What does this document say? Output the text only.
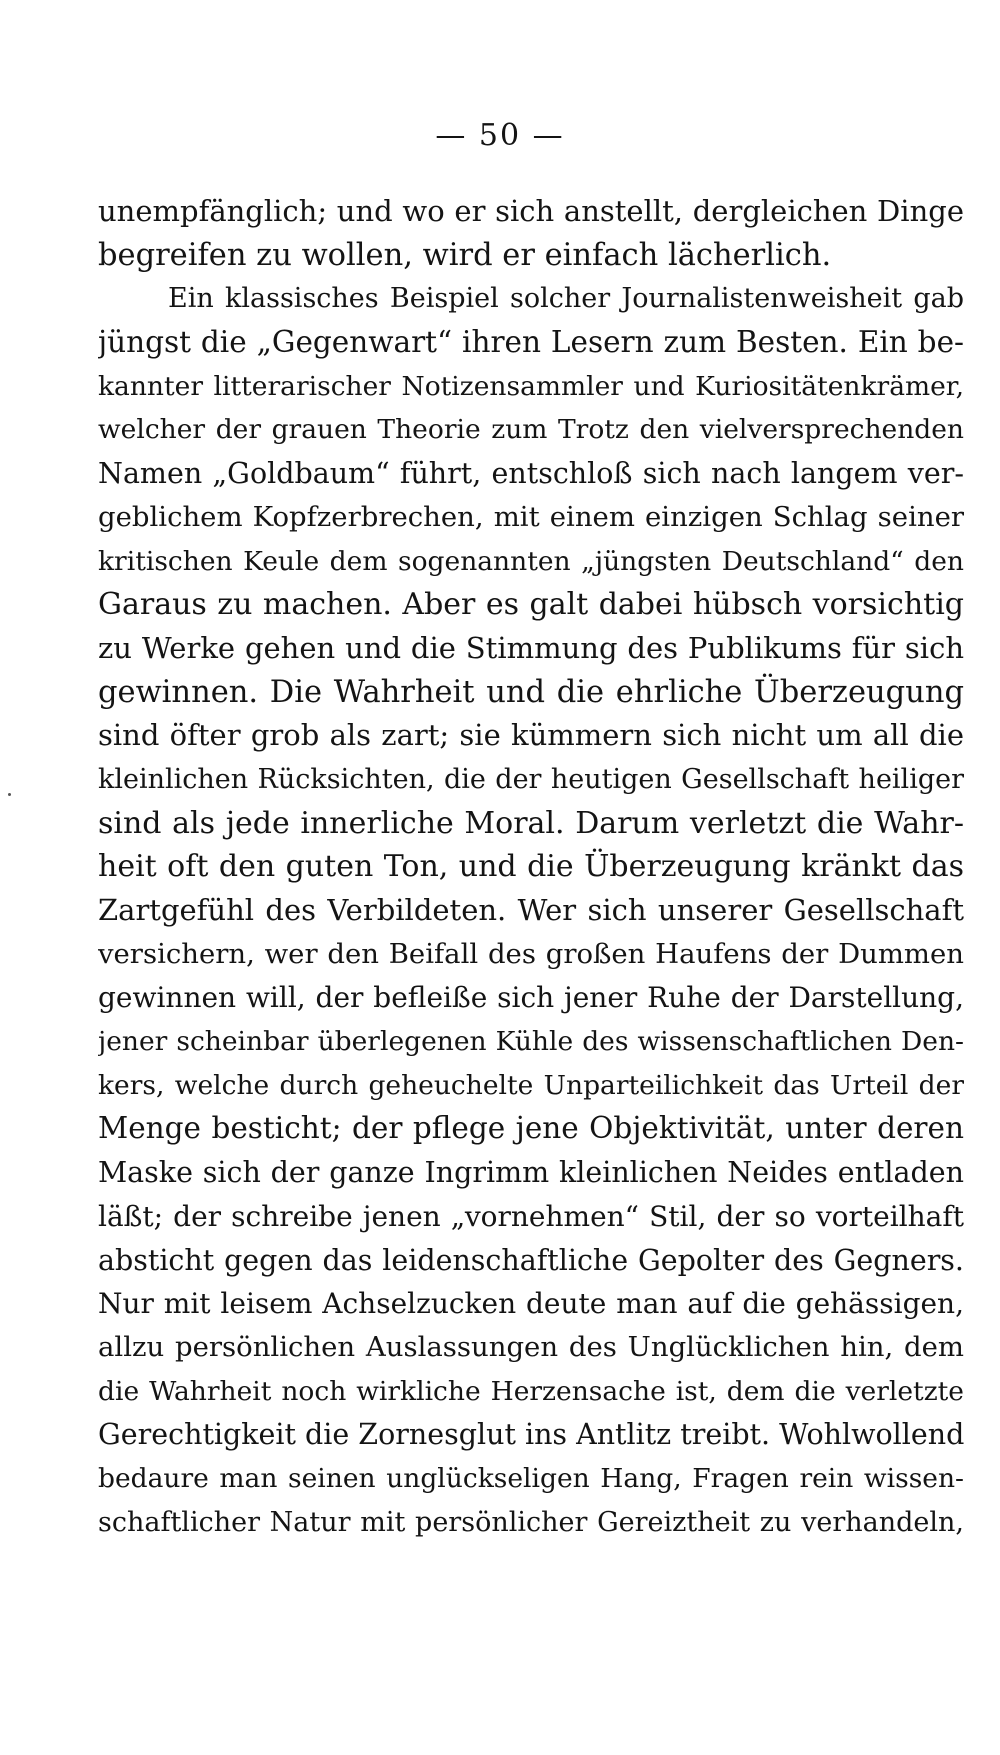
— 50 —
unempfänglich; und wo er sich anstellt, dergleichen Dinge
begreifen zu wollen, wird er einfach lächerlich.
Ein klassisches Beispiel solcher Journalistenweisheit gab
jüngst die „Gegenwart“ ihren Lesern zum Besten. Ein be-
kannter litterarischer Notizensammler und Kuriositätenkrämer,
welcher der grauen Theorie zum Trotz den vielversprechenden
Namen „Goldbaum“ führt, entschloß sich nach langem ver-
geblichem Kopfzerbrechen, mit einem einzigen Schlag seiner
kritischen Keule dem sogenannten „jüngsten Deutschland“ den
Garaus zu machen. Aber es galt dabei hübsch vorsichtig
zu Werke gehen und die Stimmung des Publikums für sich
gewinnen. Die Wahrheit und die ehrliche Überzeugung
sind öfter grob als zart; sie kümmern sich nicht um all die
kleinlichen Rücksichten, die der heutigen Gesellschaft heiliger
sind als jede innerliche Moral. Darum verletzt die Wahr-
heit oft den guten Ton, und die Überzeugung kränkt das
Zartgefühl des Verbildeten. Wer sich unserer Gesellschaft
versichern, wer den Beifall des großen Haufens der Dummen
gewinnen will, der befleiße sich jener Ruhe der Darstellung,
jener scheinbar überlegenen Kühle des wissenschaftlichen Den-
kers, welche durch geheuchelte Unparteilichkeit das Urteil der
Menge besticht; der pflege jene Objektivität, unter deren
Maske sich der ganze Ingrimm kleinlichen Neides entladen
läßt; der schreibe jenen „vornehmen“ Stil, der so vorteilhaft
absticht gegen das leidenschaftliche Gepolter des Gegners.
Nur mit leisem Achselzucken deute man auf die gehässigen,
allzu persönlichen Auslassungen des Unglücklichen hin, dem
die Wahrheit noch wirkliche Herzensache ist, dem die verletzte
Gerechtigkeit die Zornesglut ins Antlitz treibt. Wohlwollend
bedaure man seinen unglückseligen Hang, Fragen rein wissen-
schaftlicher Natur mit persönlicher Gereiztheit zu verhandeln,
